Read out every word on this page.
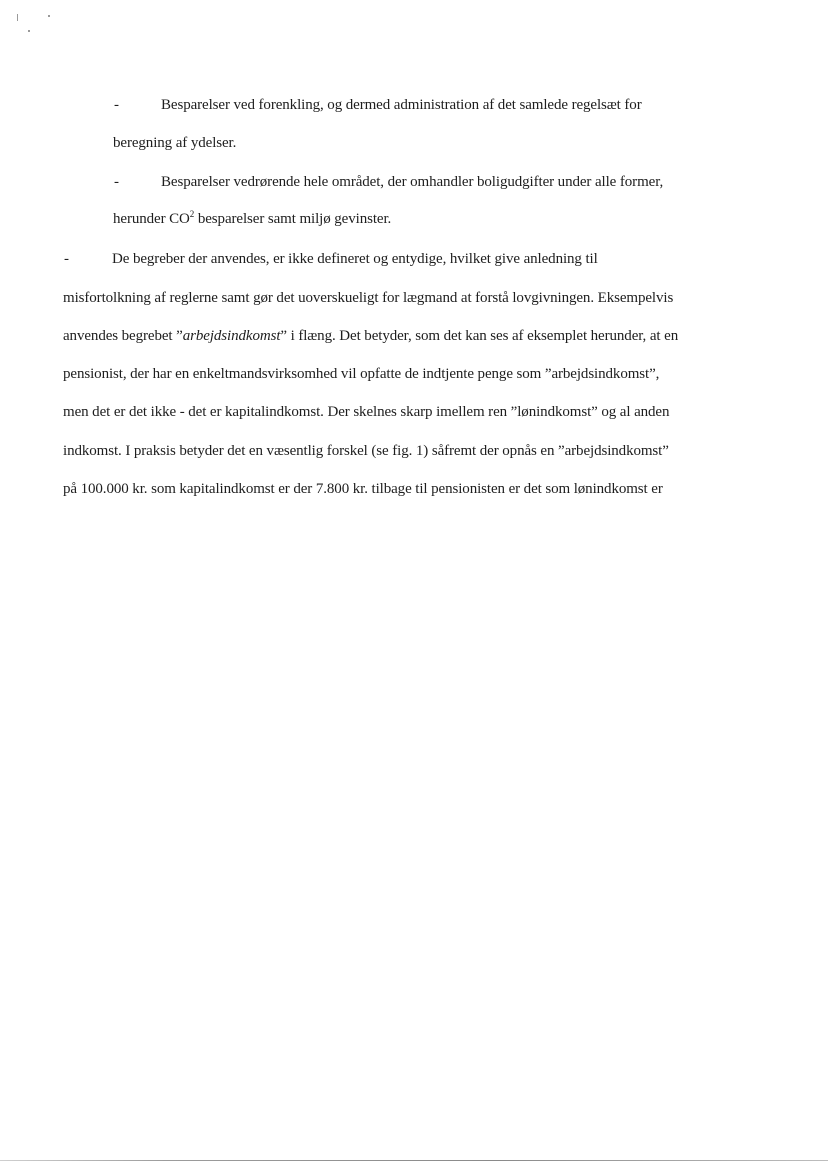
-	Besparelser ved forenkling, og dermed administration af det samlede regelsæt for
beregning af ydelser.
-	Besparelser vedrørende hele området, der omhandler boligudgifter under alle former,
herunder $CO^2$ besparelser samt miljø gevinster.
-	De begreber der anvendes, er ikke defineret og entydige, hvilket give anledning til
misfortolkning af reglerne samt gør det uoverskueligt for lægmand at forstå lovgivningen. Eksempelvis
anvendes begrebet ”arbejdsindkomst” i flæng. Det betyder, som det kan ses af eksemplet herunder, at en
pensionist, der har en enkeltmandsvirksomhed vil opfatte de indtjente penge som ”arbejdsindkomst”,
men det er det ikke - det er kapitalindkomst. Der skelnes skarp imellem ren ”lønindkomst” og al anden
indkomst. I praksis betyder det en væsentlig forskel (se fig. 1) såfremt der opnås en ”arbejdsindkomst”
på 100.000 kr. som kapitalindkomst er der 7.800 kr. tilbage til pensionisten er det som lønindkomst er
